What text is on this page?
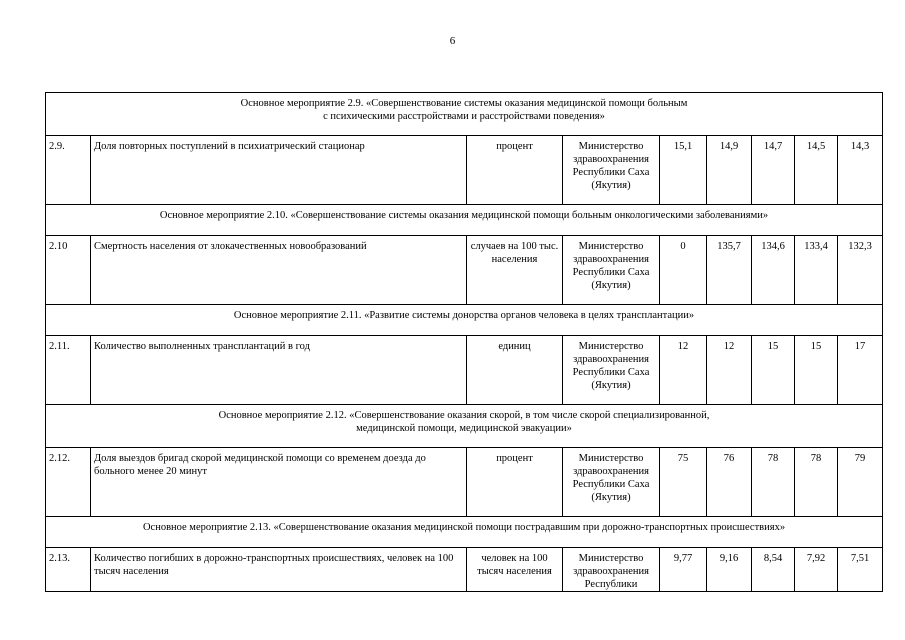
6
Основное мероприятие 2.9. «Совершенствование системы оказания медицинской помощи больным
с психическими расстройствами и расстройствами поведения»								
2.9.	Доля повторных поступлений в психиатрический стационар	процент	Министерство здравоохранения Республики Саха (Якутия)	15,1	14,9	14,7	14,5	14,3
Основное мероприятие 2.10. «Совершенствование системы оказания медицинской помощи больным онкологическими заболеваниями»								
2.10	Смертность населения от злокачественных новообразований	случаев на 100 тыс. населения	Министерство здравоохранения Республики Саха (Якутия)	0	135,7	134,6	133,4	132,3
Основное мероприятие 2.11. «Развитие системы донорства органов человека в целях трансплантации»								
2.11.	Количество выполненных трансплантаций в год	единиц	Министерство здравоохранения Республики Саха (Якутия)	12	12	15	15	17
Основное мероприятие 2.12. «Совершенствование оказания скорой, в том числе скорой специализированной,
медицинской помощи, медицинской эвакуации»								
2.12.	Доля выездов бригад скорой медицинской помощи со временем доезда до больного менее 20 минут	процент	Министерство здравоохранения Республики Саха (Якутия)	75	76	78	78	79
Основное мероприятие 2.13. «Совершенствование оказания медицинской помощи пострадавшим при дорожно-транспортных происшествиях»								
2.13.	Количество погибших в дорожно-транспортных происшествиях, человек на 100 тысяч населения	человек на 100 тысяч населения	Министерство здравоохранения Республики	9,77	9,16	8,54	7,92	7,51
